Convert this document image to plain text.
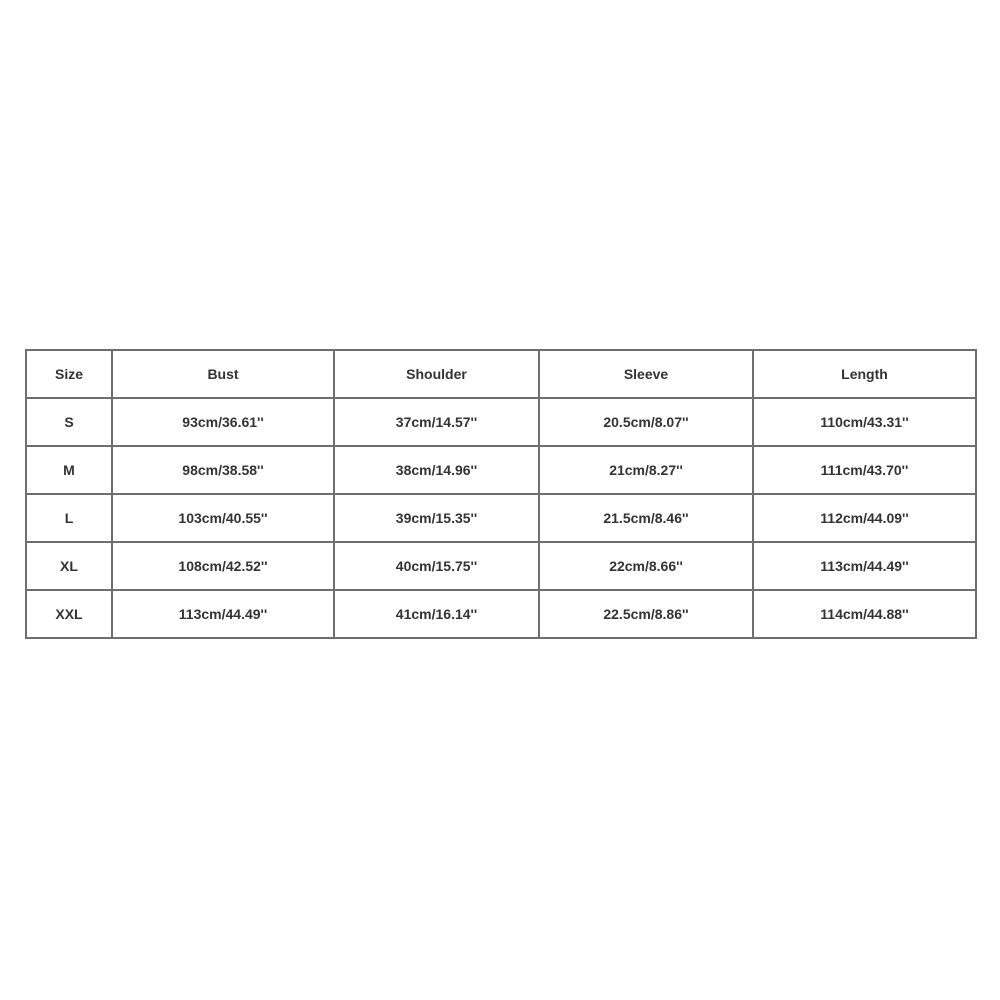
Size	Bust	Shoulder	Sleeve	Length
S	93cm/36.61''	37cm/14.57''	20.5cm/8.07''	110cm/43.31''
M	98cm/38.58''	38cm/14.96''	21cm/8.27''	111cm/43.70''
L	103cm/40.55''	39cm/15.35''	21.5cm/8.46''	112cm/44.09''
XL	108cm/42.52''	40cm/15.75''	22cm/8.66''	113cm/44.49''
XXL	113cm/44.49''	41cm/16.14''	22.5cm/8.86''	114cm/44.88''
